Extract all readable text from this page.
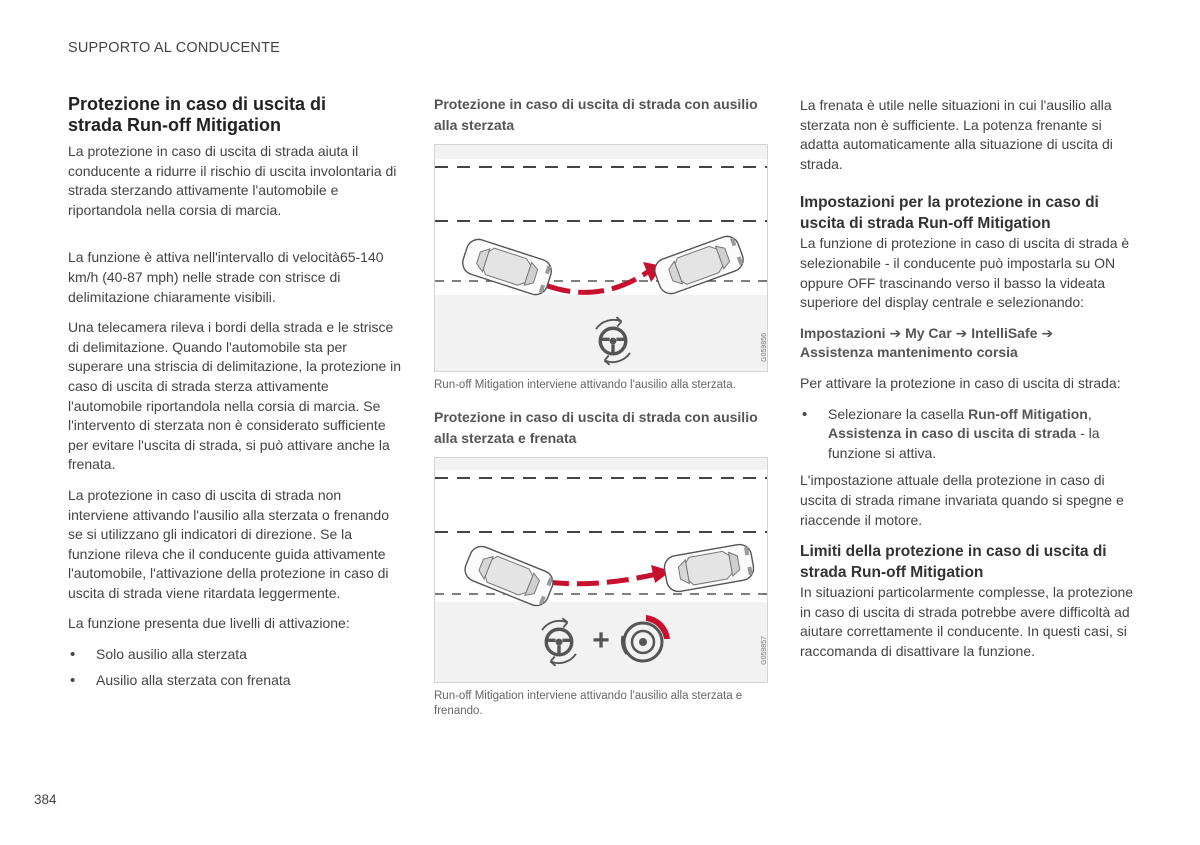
SUPPORTO AL CONDUCENTE
Protezione in caso di uscita di
strada Run-off Mitigation

La protezione in caso di uscita di strada aiuta il conducente a ridurre il rischio di uscita involontaria di strada sterzando attivamente l'automobile e riportandola nella corsia di marcia.

La funzione è attiva nell'intervallo di velocità65-140 km/h (40-87 mph) nelle strade con strisce di delimitazione chiaramente visibili.

Una telecamera rileva i bordi della strada e le strisce di delimitazione. Quando l'automobile sta per superare una striscia di delimitazione, la protezione in caso di uscita di strada sterza attivamente l'automobile riportandola nella corsia di marcia. Se l'intervento di sterzata non è considerato sufficiente per evitare l'uscita di strada, si può attivare anche la frenata.

La protezione in caso di uscita di strada non interviene attivando l'ausilio alla sterzata o frenando se si utilizzano gli indicatori di direzione. Se la funzione rileva che il conducente guida attivamente l'automobile, l'attivazione della protezione in caso di uscita di strada viene ritardata leggermente.

La funzione presenta due livelli di attivazione:

• Solo ausilio alla sterzata
• Ausilio alla sterzata con frenata
Protezione in caso di uscita di strada con ausilio alla sterzata
G059856
Run-off Mitigation interviene attivando l'ausilio alla sterzata.
Protezione in caso di uscita di strada con ausilio alla sterzata e frenata
+	G059857
Run-off Mitigation interviene attivando l'ausilio alla sterzata e frenando.

La frenata è utile nelle situazioni in cui l'ausilio alla sterzata non è sufficiente. La potenza frenante si adatta automaticamente alla situazione di uscita di strada.

Impostazioni per la protezione in caso di uscita di strada Run-off Mitigation

La funzione di protezione in caso di uscita di strada è selezionabile - il conducente può impostarla su ON oppure OFF trascinando verso il basso la videata superiore del display centrale e selezionando:

Impostazioni ➔ My Car ➔ IntelliSafe ➔
Assistenza mantenimento corsia

Per attivare la protezione in caso di uscita di strada:

• Selezionare la casella Run-off Mitigation, Assistenza in caso di uscita di strada - la funzione si attiva.

L'impostazione attuale della protezione in caso di uscita di strada rimane invariata quando si spegne e riaccende il motore.

Limiti della protezione in caso di uscita di strada Run-off Mitigation

In situazioni particolarmente complesse, la protezione in caso di uscita di strada potrebbe avere difficoltà ad aiutare correttamente il conducente. In questi casi, si raccomanda di disattivare la funzione.

384
